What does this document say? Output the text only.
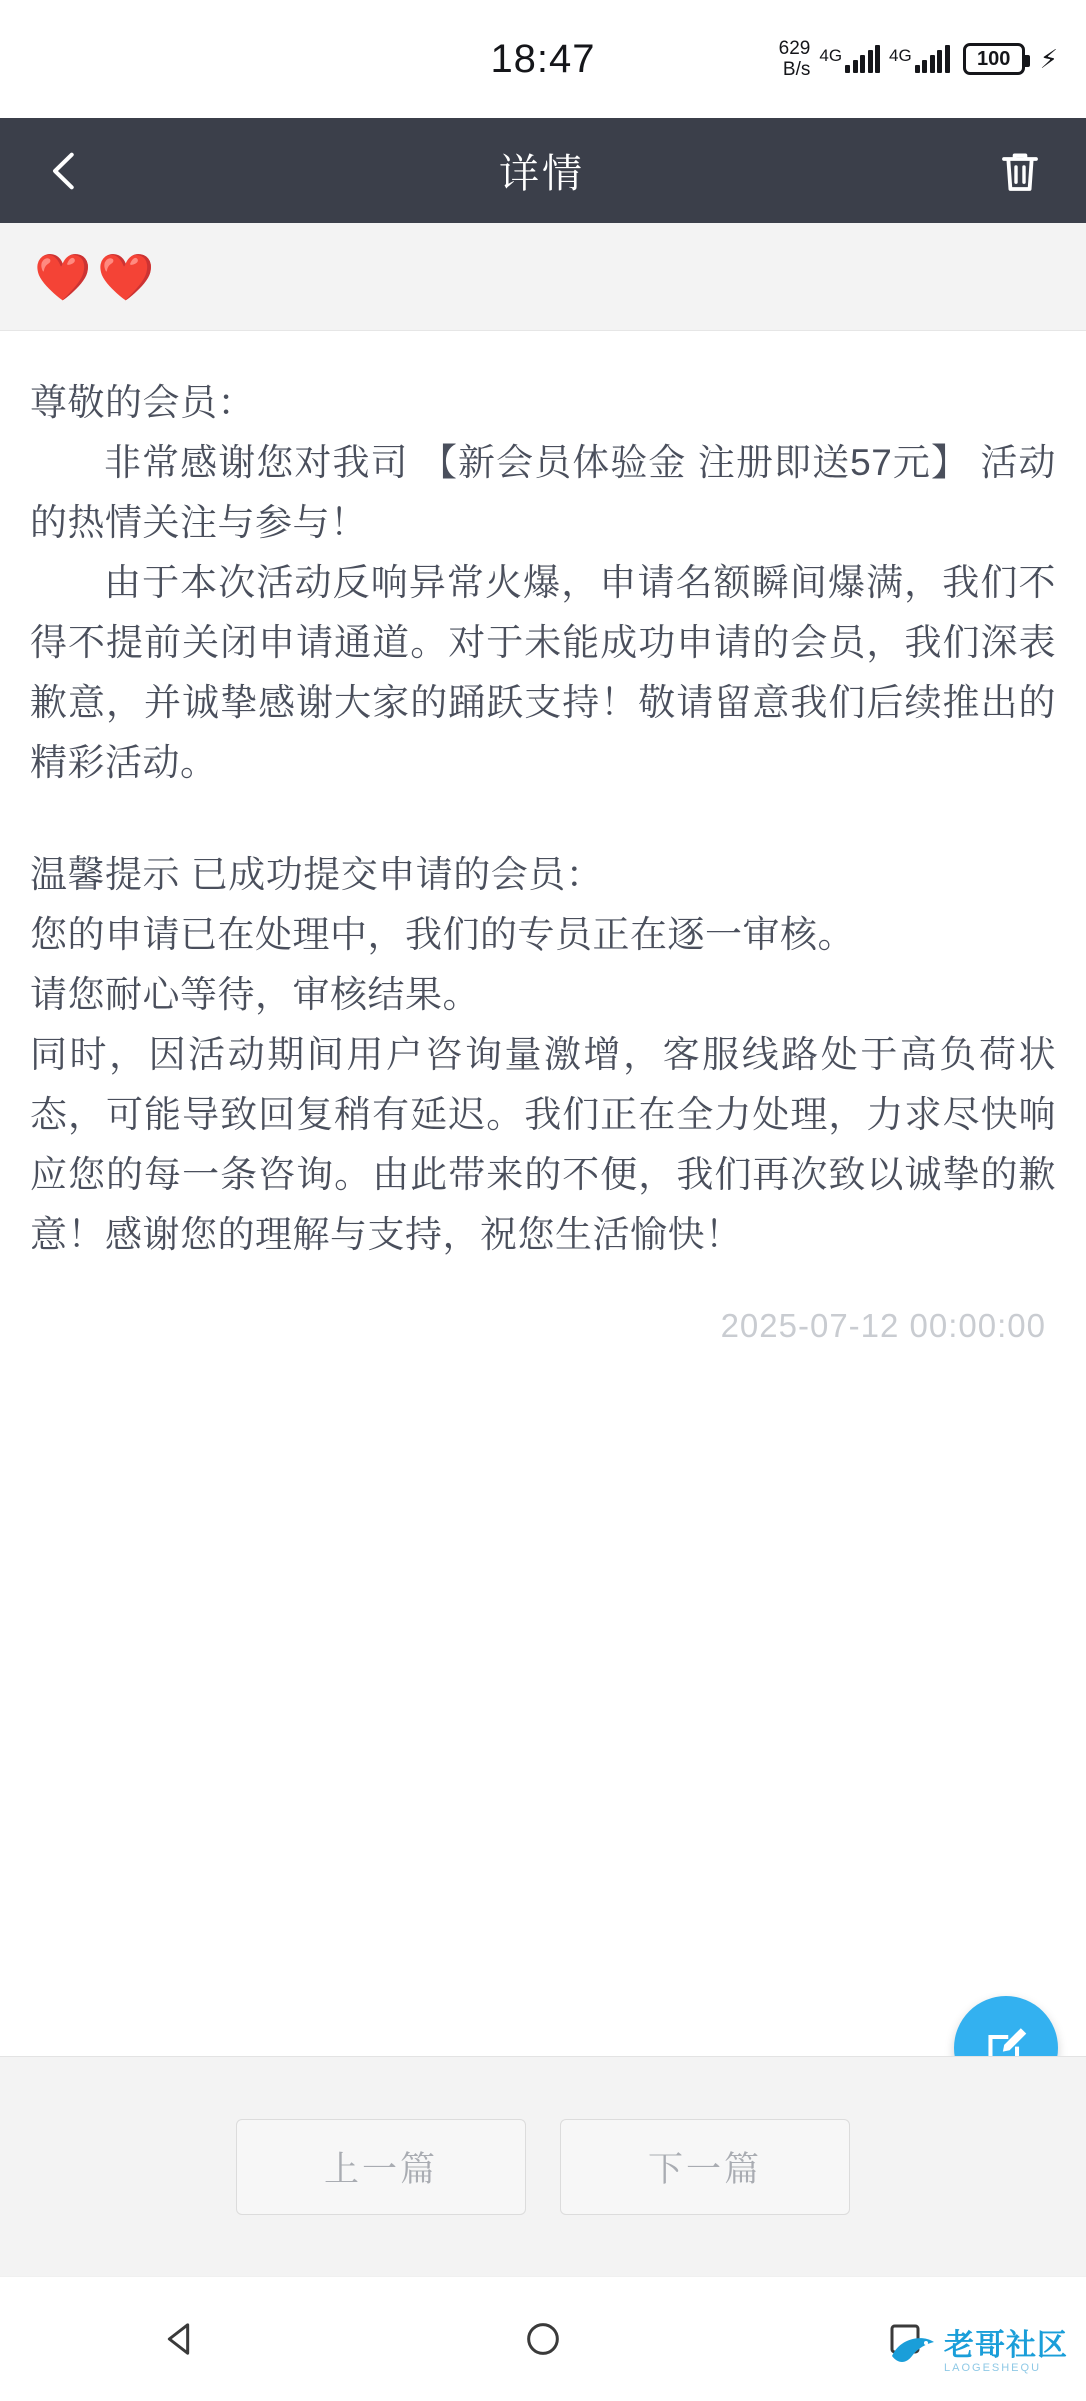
18:47	629
B/s
4G	4G	100 ⚡
详情
❤️ ❤️

尊敬的会员：

非常感谢您对我司 【新会员体验金 注册即送57元】 活动的热情关注与参与！

由于本次活动反响异常火爆，申请名额瞬间爆满，我们不得不提前关闭申请通道。对于未能成功申请的会员，我们深表歉意，并诚挚感谢大家的踊跃支持！敬请留意我们后续推出的精彩活动。

温馨提示 已成功提交申请的会员：

您的申请已在处理中，我们的专员正在逐一审核。

请您耐心等待，审核结果。

同时，因活动期间用户咨询量激增，客服线路处于高负荷状态，可能导致回复稍有延迟。我们正在全力处理，力求尽快响应您的每一条咨询。由此带来的不便，我们再次致以诚挚的歉意！感谢您的理解与支持，祝您生活愉快！

2025-07-12 00:00:00
上一篇	下一篇
老哥社区
LAOGESHEQU
